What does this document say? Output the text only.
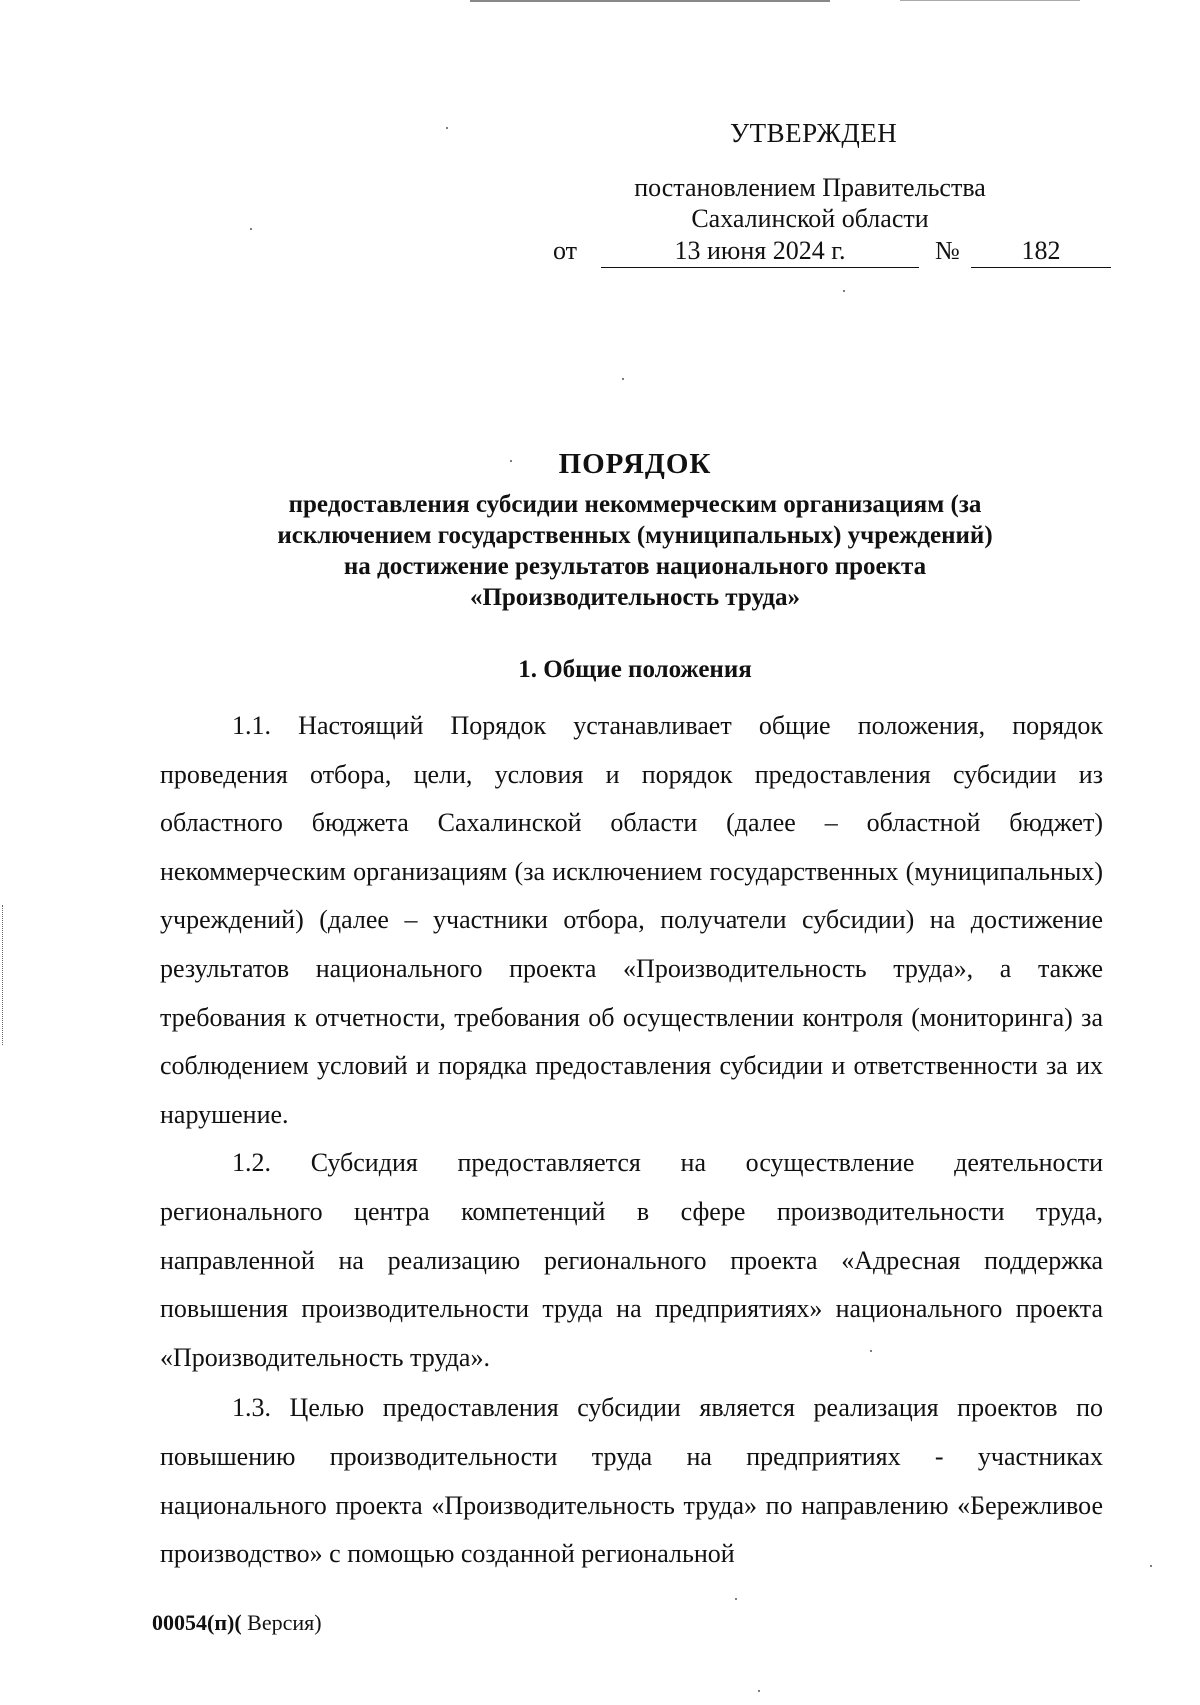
УТВЕРЖДЕН
постановлением Правительства
Сахалинской области
от	13 июня 2024 г.	№	182
ПОРЯДОК
предоставления субсидии некоммерческим организациям (за исключением государственных (муниципальных) учреждений) на достижение результатов национального проекта «Производительность труда»
1. Общие положения

1.1. Настоящий Порядок устанавливает общие положения, порядок проведения отбора, цели, условия и порядок предоставления субсидии из областного бюджета Сахалинской области (далее – областной бюджет) некоммерческим организациям (за исключением государственных (муниципальных) учреждений) (далее – участники отбора, получатели субсидии) на достижение результатов национального проекта «Производительность труда», а также требования к отчетности, требования об осуществлении контроля (мониторинга) за соблюдением условий и порядка предоставления субсидии и ответственности за их нарушение.

1.2. Субсидия предоставляется на осуществление деятельности регионального центра компетенций в сфере производительности труда, направленной на реализацию регионального проекта «Адресная поддержка повышения производительности труда на предприятиях» национального проекта «Производительность труда».

1.3. Целью предоставления субсидии является реализация проектов по повышению производительности труда на предприятиях - участниках национального проекта «Производительность труда» по направлению «Бережливое производство» с помощью созданной региональной

00054(п)( Версия)
